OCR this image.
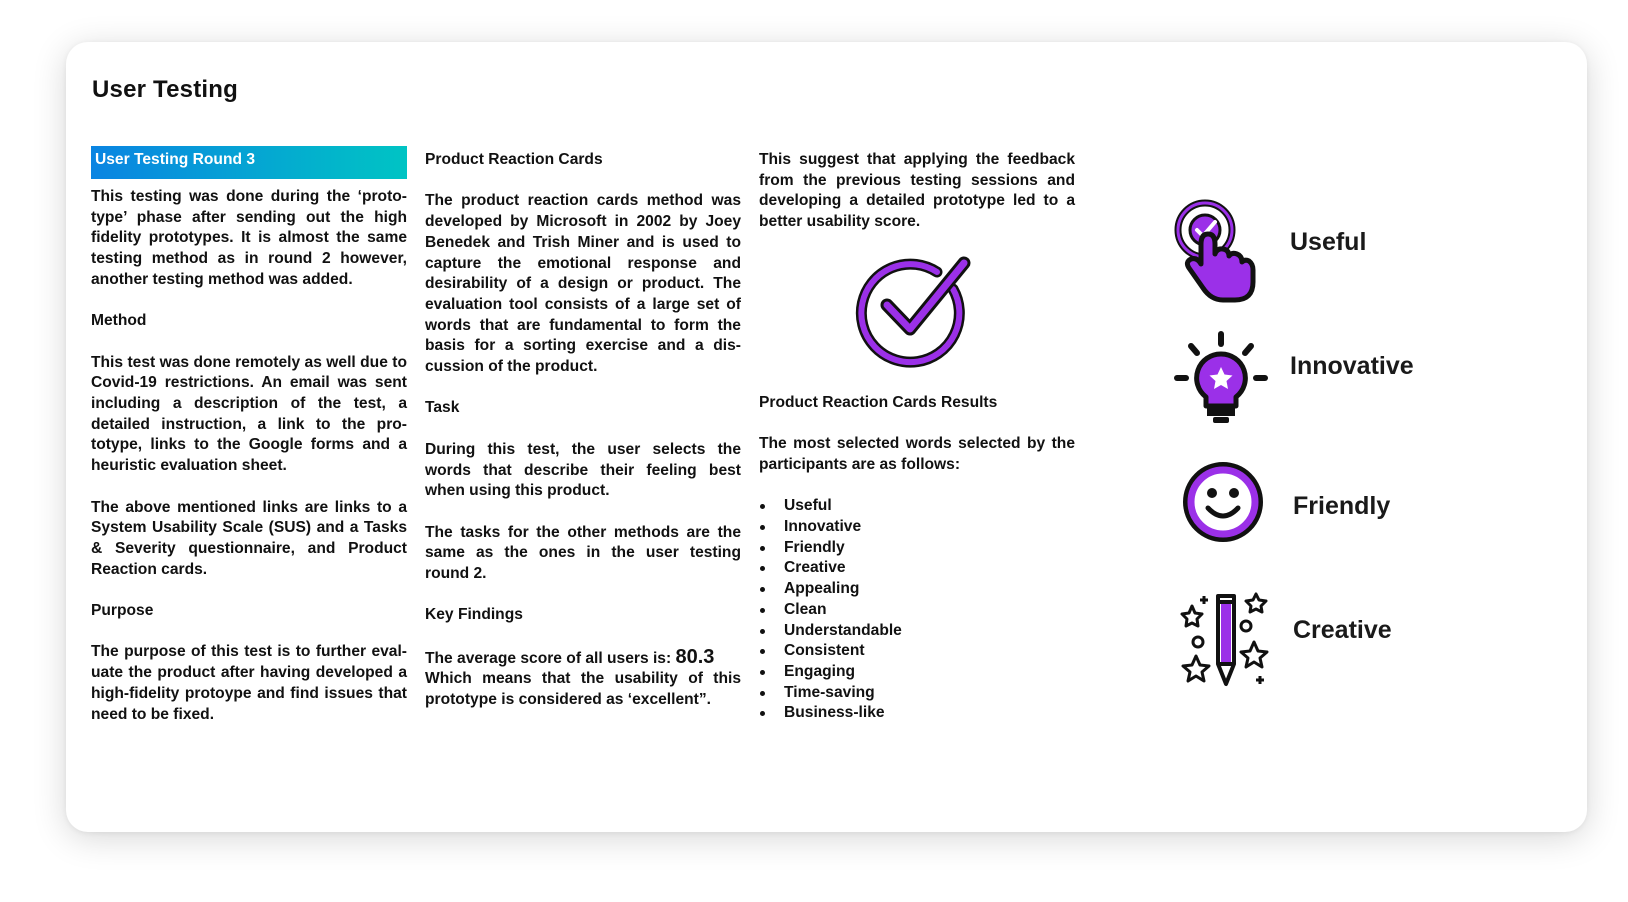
User Testing
User Testing Round 3

This testing was done during the ‘proto-type’ phase after sending out the high fidelity prototypes. It is almost the same testing method as in round 2 however, another testing method was added.

Method

This test was done remotely as well due to Covid-19 restrictions. An email was sent including a description of the test, a detailed instruction, a link to the pro-totype, links to the Google forms and a heuristic evaluation sheet.

The above mentioned links are links to a System Usability Scale (SUS) and a Tasks & Severity questionnaire, and Product Reaction cards.

Purpose

The purpose of this test is to further eval-uate the product after having developed a high-fidelity protoype and find issues that need to be fixed.

Product Reaction Cards

The product reaction cards method was developed by Microsoft in 2002 by Joey Benedek and Trish Miner and is used to capture the emotional response and desirability of a design or product. The evaluation tool consists of a large set of words that are fundamental to form the basis for a sorting exercise and a dis-cussion of the product.

Task

During this test, the user selects the words that describe their feeling best when using this product.

The tasks for the other methods are the same as the ones in the user testing round 2.

Key Findings

The average score of all users is: 80.3
Which means that the usability of this prototype is considered as ‘excellent”.

This suggest that applying the feedback from the previous testing sessions and developing a detailed prototype led to a better usability score.

Product Reaction Cards Results

The most selected words selected by the participants are as follows:

Useful
Innovative
Friendly
Creative
Appealing
Clean
Understandable
Consistent
Engaging
Time-saving
Business-like
Useful
Innovative
Friendly
Creative
